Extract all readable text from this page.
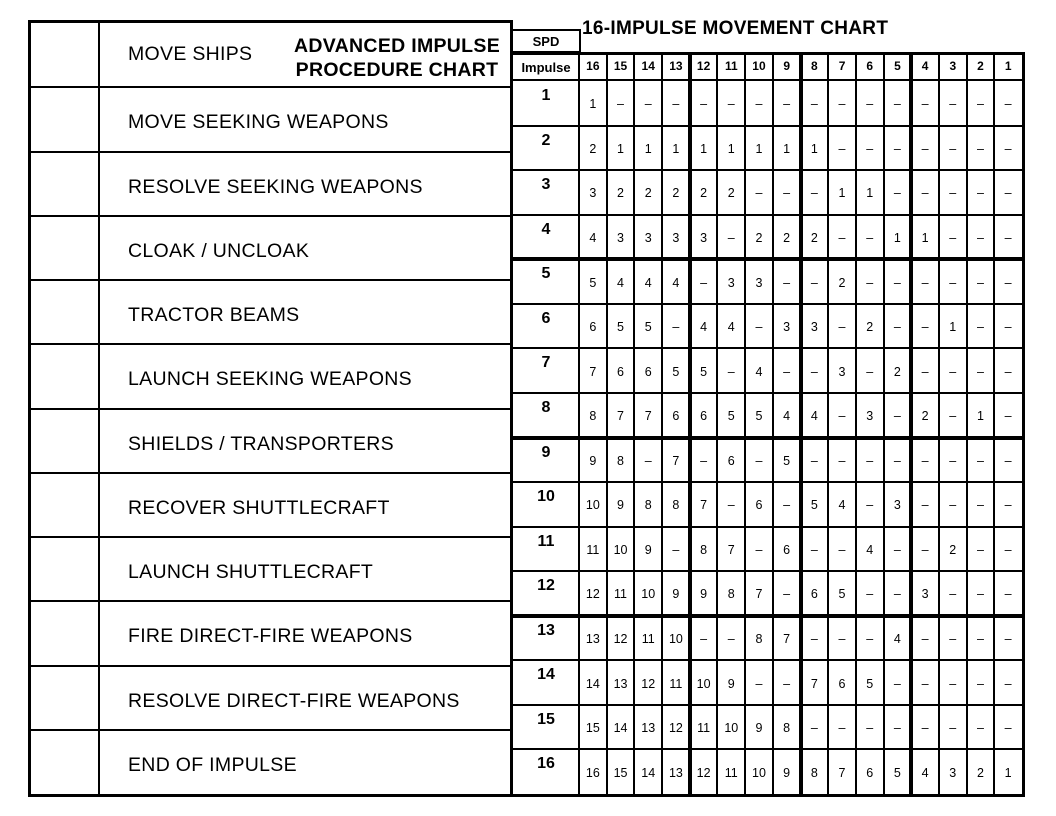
ADVANCED IMPULSE
PROCEDURE CHART
MOVE SHIPS
MOVE SEEKING WEAPONS
RESOLVE SEEKING WEAPONS
CLOAK / UNCLOAK
TRACTOR BEAMS
LAUNCH SEEKING WEAPONS
SHIELDS / TRANSPORTERS
RECOVER SHUTTLECRAFT
LAUNCH SHUTTLECRAFT
FIRE DIRECT-FIRE WEAPONS
RESOLVE DIRECT-FIRE WEAPONS
END OF IMPULSE
16-IMPULSE MOVEMENT CHART
SPD
Impulse	16	15	14	13	12	11	10	9	8	7	6	5	4	3	2	1
1
1	–	–	–	–	–	–	–	–	–	–	–	–	–	–	–
2
2	1	1	1	1	1	1	1	1	–	–	–	–	–	–	–
3
3	2	2	2	2	2	–	–	–	1	1	–	–	–	–	–
4
4	3	3	3	3	–	2	2	2	–	–	1	1	–	–	–
5
5	4	4	4	–	3	3	–	–	2	–	–	–	–	–	–
6
6	5	5	–	4	4	–	3	3	–	2	–	–	1	–	–
7
7	6	6	5	5	–	4	–	–	3	–	2	–	–	–	–
8
8	7	7	6	6	5	5	4	4	–	3	–	2	–	1	–
9
9	8	–	7	–	6	–	5	–	–	–	–	–	–	–	–
10
10	9	8	8	7	–	6	–	5	4	–	3	–	–	–	–
11
11	10	9	–	8	7	–	6	–	–	4	–	–	2	–	–
12
12	11	10	9	9	8	7	–	6	5	–	–	3	–	–	–
13
13	12	11	10	–	–	8	7	–	–	–	4	–	–	–	–
14
14	13	12	11	10	9	–	–	7	6	5	–	–	–	–	–
15
15	14	13	12	11	10	9	8	–	–	–	–	–	–	–	–
16
16	15	14	13	12	11	10	9	8	7	6	5	4	3	2	1
